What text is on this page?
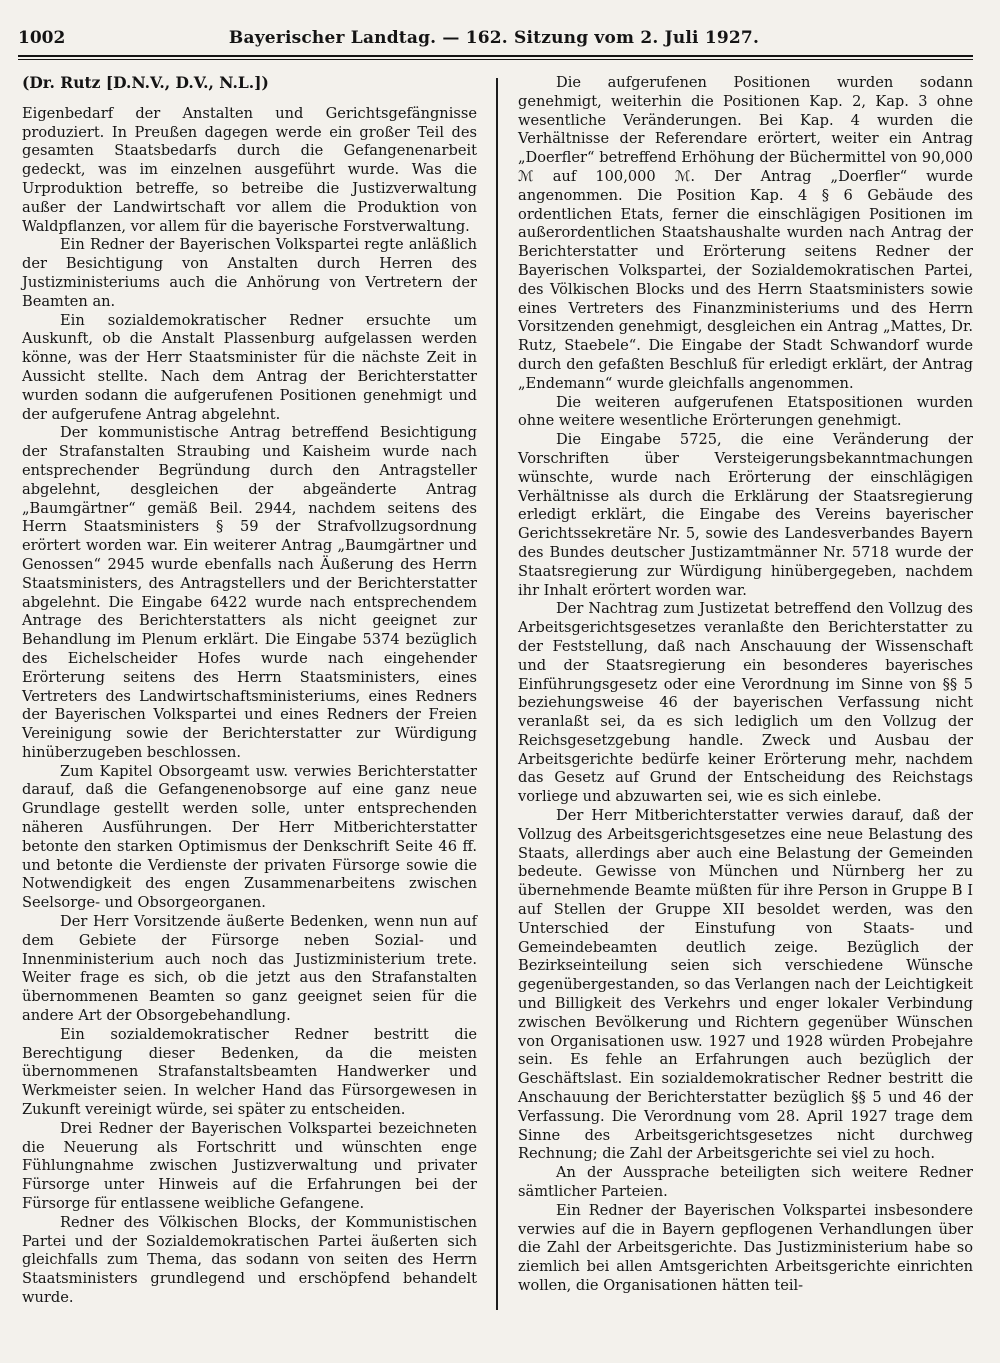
1002	Bayerischer Landtag. — 162. Sitzung vom 2. Juli 1927.
(Dr. Rutz [D.N.V., D.V., N.L.])

Eigenbedarf der Anstalten und Gerichtsgefängnisse produziert. In Preußen dagegen werde ein großer Teil des gesamten Staatsbedarfs durch die Gefangenenarbeit gedeckt, was im einzelnen ausgeführt wurde. Was die Urproduktion betreffe, so betreibe die Justizverwaltung außer der Landwirtschaft vor allem die Produktion von Waldpflanzen, vor allem für die bayerische Forstverwaltung.

Ein Redner der Bayerischen Volkspartei regte anläßlich der Besichtigung von Anstalten durch Herren des Justizministeriums auch die Anhörung von Vertretern der Beamten an.

Ein sozialdemokratischer Redner ersuchte um Auskunft, ob die Anstalt Plassenburg aufgelassen werden könne, was der Herr Staatsminister für die nächste Zeit in Aussicht stellte. Nach dem Antrag der Berichterstatter wurden sodann die aufgerufenen Positionen genehmigt und der aufgerufene Antrag abgelehnt.

Der kommunistische Antrag betreffend Besichtigung der Strafanstalten Straubing und Kaisheim wurde nach entsprechender Begründung durch den Antragsteller abgelehnt, desgleichen der abgeänderte Antrag „Baumgärtner“ gemäß Beil. 2944, nachdem seitens des Herrn Staatsministers § 59 der Strafvollzugsordnung erörtert worden war. Ein weiterer Antrag „Baumgärtner und Genossen“ 2945 wurde ebenfalls nach Äußerung des Herrn Staatsministers, des Antragstellers und der Berichterstatter abgelehnt. Die Eingabe 6422 wurde nach entsprechendem Antrage des Berichterstatters als nicht geeignet zur Behandlung im Plenum erklärt. Die Eingabe 5374 bezüglich des Eichelscheider Hofes wurde nach eingehender Erörterung seitens des Herrn Staatsministers, eines Vertreters des Landwirtschaftsministeriums, eines Redners der Bayerischen Volkspartei und eines Redners der Freien Vereinigung sowie der Berichterstatter zur Würdigung hinüberzugeben beschlossen.

Zum Kapitel Obsorgeamt usw. verwies Berichterstatter darauf, daß die Gefangenenobsorge auf eine ganz neue Grundlage gestellt werden solle, unter entsprechenden näheren Ausführungen. Der Herr Mitberichterstatter betonte den starken Optimismus der Denkschrift Seite 46 ff. und betonte die Verdienste der privaten Fürsorge sowie die Notwendigkeit des engen Zusammenarbeitens zwischen Seelsorge- und Obsorgeorganen.

Der Herr Vorsitzende äußerte Bedenken, wenn nun auf dem Gebiete der Fürsorge neben Sozial- und Innenministerium auch noch das Justizministerium trete. Weiter frage es sich, ob die jetzt aus den Strafanstalten übernommenen Beamten so ganz geeignet seien für die andere Art der Obsorgebehandlung.

Ein sozialdemokratischer Redner bestritt die Berechtigung dieser Bedenken, da die meisten übernommenen Strafanstaltsbeamten Handwerker und Werkmeister seien. In welcher Hand das Fürsorgewesen in Zukunft vereinigt würde, sei später zu entscheiden.

Drei Redner der Bayerischen Volkspartei bezeichneten die Neuerung als Fortschritt und wünschten enge Fühlungnahme zwischen Justizverwaltung und privater Fürsorge unter Hinweis auf die Erfahrungen bei der Fürsorge für entlassene weibliche Gefangene.

Redner des Völkischen Blocks, der Kommunistischen Partei und der Sozialdemokratischen Partei äußerten sich gleichfalls zum Thema, das sodann von seiten des Herrn Staatsministers grundlegend und erschöpfend behandelt wurde.

Die aufgerufenen Positionen wurden sodann genehmigt, weiterhin die Positionen Kap. 2, Kap. 3 ohne wesentliche Veränderungen. Bei Kap. 4 wurden die Verhältnisse der Referendare erörtert, weiter ein Antrag „Doerfler“ betreffend Erhöhung der Büchermittel von 90,000 ℳ auf 100,000 ℳ. Der Antrag „Doerfler“ wurde angenommen. Die Position Kap. 4 § 6 Gebäude des ordentlichen Etats, ferner die einschlägigen Positionen im außerordentlichen Staatshaushalte wurden nach Antrag der Berichterstatter und Erörterung seitens Redner der Bayerischen Volkspartei, der Sozialdemokratischen Partei, des Völkischen Blocks und des Herrn Staatsministers sowie eines Vertreters des Finanzministeriums und des Herrn Vorsitzenden genehmigt, desgleichen ein Antrag „Mattes, Dr. Rutz, Staebele“. Die Eingabe der Stadt Schwandorf wurde durch den gefaßten Beschluß für erledigt erklärt, der Antrag „Endemann“ wurde gleichfalls angenommen.

Die weiteren aufgerufenen Etatspositionen wurden ohne weitere wesentliche Erörterungen genehmigt.

Die Eingabe 5725, die eine Veränderung der Vorschriften über Versteigerungsbekanntmachungen wünschte, wurde nach Erörterung der einschlägigen Verhältnisse als durch die Erklärung der Staatsregierung erledigt erklärt, die Eingabe des Vereins bayerischer Gerichtssekretäre Nr. 5, sowie des Landesverbandes Bayern des Bundes deutscher Justizamtmänner Nr. 5718 wurde der Staatsregierung zur Würdigung hinübergegeben, nachdem ihr Inhalt erörtert worden war.

Der Nachtrag zum Justizetat betreffend den Vollzug des Arbeitsgerichtsgesetzes veranlaßte den Berichterstatter zu der Feststellung, daß nach Anschauung der Wissenschaft und der Staatsregierung ein besonderes bayerisches Einführungsgesetz oder eine Verordnung im Sinne von §§ 5 beziehungsweise 46 der bayerischen Verfassung nicht veranlaßt sei, da es sich lediglich um den Vollzug der Reichsgesetzgebung handle. Zweck und Ausbau der Arbeitsgerichte bedürfe keiner Erörterung mehr, nachdem das Gesetz auf Grund der Entscheidung des Reichstags vorliege und abzuwarten sei, wie es sich einlebe.

Der Herr Mitberichterstatter verwies darauf, daß der Vollzug des Arbeitsgerichtsgesetzes eine neue Belastung des Staats, allerdings aber auch eine Belastung der Gemeinden bedeute. Gewisse von München und Nürnberg her zu übernehmende Beamte müßten für ihre Person in Gruppe B I auf Stellen der Gruppe XII besoldet werden, was den Unterschied der Einstufung von Staats- und Gemeindebeamten deutlich zeige. Bezüglich der Bezirkseinteilung seien sich verschiedene Wünsche gegenübergestanden, so das Verlangen nach der Leichtigkeit und Billigkeit des Verkehrs und enger lokaler Verbindung zwischen Bevölkerung und Richtern gegenüber Wünschen von Organisationen usw. 1927 und 1928 würden Probejahre sein. Es fehle an Erfahrungen auch bezüglich der Geschäftslast. Ein sozialdemokratischer Redner bestritt die Anschauung der Berichterstatter bezüglich §§ 5 und 46 der Verfassung. Die Verordnung vom 28. April 1927 trage dem Sinne des Arbeitsgerichtsgesetzes nicht durchweg Rechnung; die Zahl der Arbeitsgerichte sei viel zu hoch.

An der Aussprache beteiligten sich weitere Redner sämtlicher Parteien.

Ein Redner der Bayerischen Volkspartei insbesondere verwies auf die in Bayern gepflogenen Verhandlungen über die Zahl der Arbeitsgerichte. Das Justizministerium habe so ziemlich bei allen Amtsgerichten Arbeitsgerichte einrichten wollen, die Organisationen hätten teil-
